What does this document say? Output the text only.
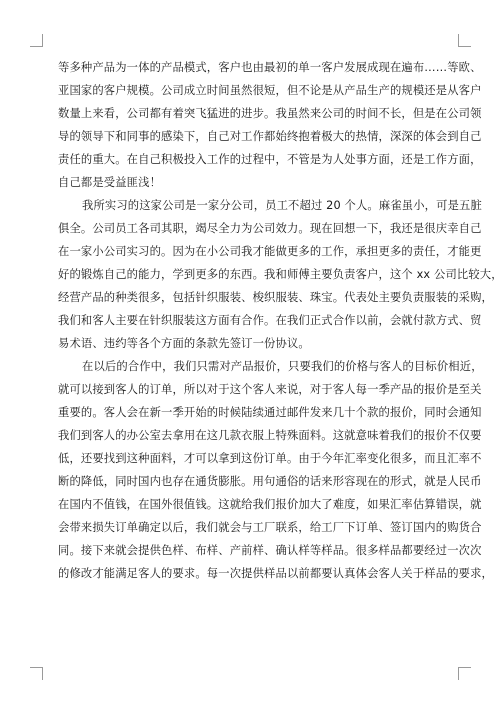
等多种产品为一体的产品模式，客户也由最初的单一客户发展成现在遍布……等欧、
亚国家的客户规模。公司成立时间虽然很短，但不论是从产品生产的规模还是从客户
数量上来看，公司都有着突飞猛进的进步。我虽然来公司的时间不长，但是在公司领
导的领导下和同事的感染下，自己对工作都始终抱着极大的热情，深深的体会到自己
责任的重大。在自己积极投入工作的过程中，不管是为人处事方面，还是工作方面，
自己都是受益匪浅！
我所实习的这家公司是一家分公司，员工不超过 20 个人。麻雀虽小，可是五脏
俱全。公司员工各司其职，竭尽全力为公司效力。现在回想一下，我还是很庆幸自己
在一家小公司实习的。因为在小公司我才能做更多的工作，承担更多的责任，才能更
好的锻炼自己的能力，学到更多的东西。我和师傅主要负责客户，这个 xx 公司比较大，
经营产品的种类很多，包括针织服装、梭织服装、珠宝。代表处主要负责服装的采购，
我们和客人主要在针织服装这方面有合作。在我们正式合作以前，会就付款方式、贸
易术语、违约等各个方面的条款先签订一份协议。
在以后的合作中，我们只需对产品报价，只要我们的价格与客人的目标价相近，
就可以接到客人的订单，所以对于这个客人来说，对于客人每一季产品的报价是至关
重要的。客人会在新一季开始的时候陆续通过邮件发来几十个款的报价，同时会通知
我们到客人的办公室去拿用在这几款衣服上特殊面料。这就意味着我们的报价不仅要
低，还要找到这种面料，才可以拿到这份订单。由于今年汇率变化很多，而且汇率不
断的降低，同时国内也存在通货膨胀。用句通俗的话来形容现在的形式，就是人民币
在国内不值钱，在国外很值钱。这就给我们报价加大了难度，如果汇率估算错误，就
会带来损失订单确定以后，我们就会与工厂联系，给工厂下订单、签订国内的购货合
同。接下来就会提供色样、布样、产前样、确认样等样品。很多样品都要经过一次次
的修改才能满足客人的要求。每一次提供样品以前都要认真体会客人关于样品的要求，
